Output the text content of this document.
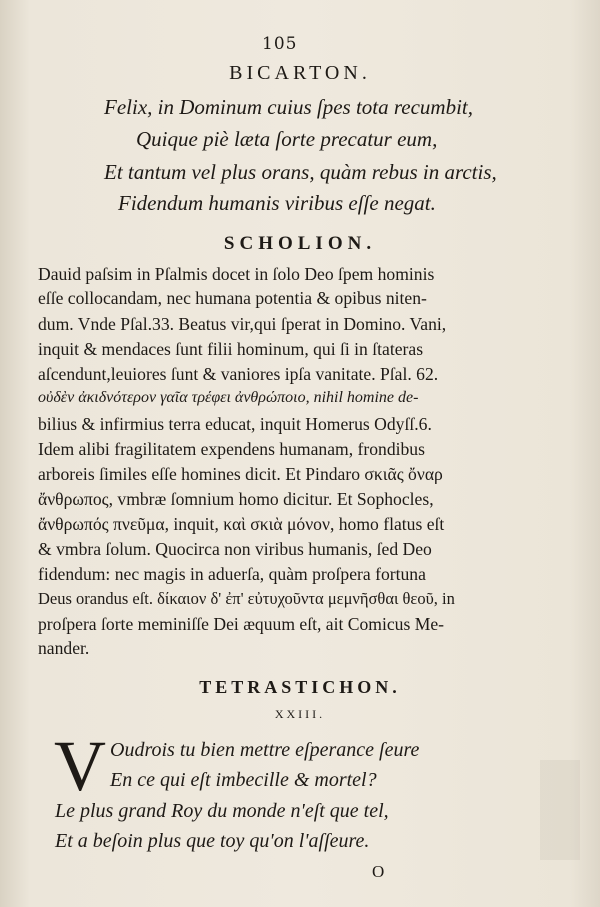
105
BICARTON.
Felix, in Dominum cuius ſpes tota recumbit,
Quique piè læta ſorte precatur eum,
Et tantum vel plus orans, quàm rebus in arctis,
Fidendum humanis viribus eſſe negat.
SCHOLION.
Dauid paſsim in Pſalmis docet in ſolo Deo ſpem hominis
eſſe collocandam, nec humana potentia & opibus niten-
dum. Vnde Pſal.33. Beatus vir,qui ſperat in Domino. Vani,
inquit & mendaces ſunt filii hominum, qui ſi in ſtateras
aſcendunt,leuiores ſunt & vaniores ipſa vanitate. Pſal. 62.
οὐδὲν ἀκιδνότερον γαῖα τρέφει ἀνθρώποιο, nihil homine de-
bilius & infirmius terra educat, inquit Homerus Odyſſ.6.
Idem alibi fragilitatem expendens humanam, frondibus
arboreis ſimiles eſſe homines dicit. Et Pindaro σκιᾶς ὄναρ
ἄνθρωπος, vmbræ ſomnium homo dicitur. Et Sophocles,
ἄνθρωπός πνεῦμα, inquit, καὶ σκιὰ μόνον, homo flatus eſt
& vmbra ſolum. Quocirca non viribus humanis, ſed Deo
fidendum: nec magis in aduerſa, quàm proſpera fortuna
Deus orandus eſt. δίκαιον δ' ἐπ' εὐτυχοῦντα μεμνῆσθαι θεοῦ, in
proſpera ſorte meminiſſe Dei æquum eſt, ait Comicus Me-
nander.
TETRASTICHON.
XXIII.
V Oudrois tu bien mettre eſperance ſeure
En ce qui eſt imbecille & mortel?
Le plus grand Roy du monde n'eſt que tel,
Et a beſoin plus que toy qu'on l'aſſeure.
O
